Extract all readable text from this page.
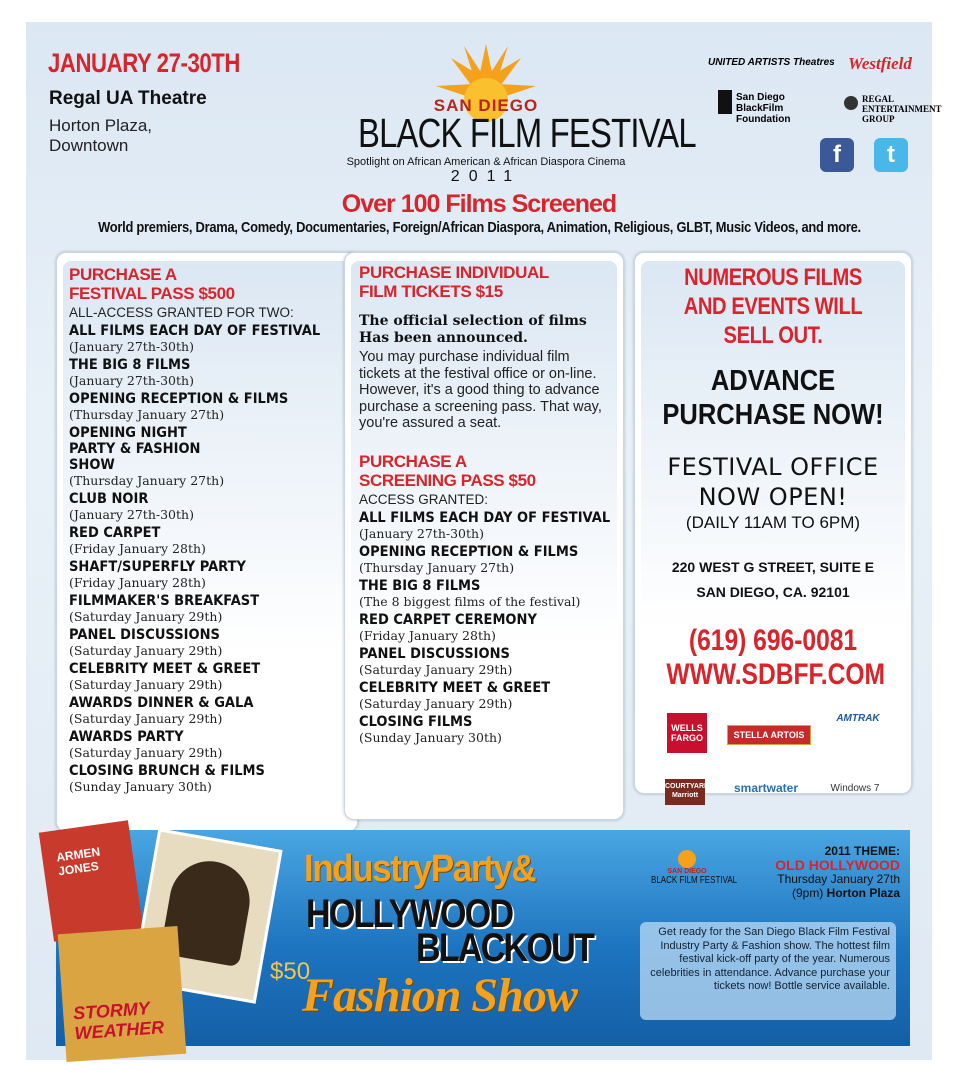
JANUARY 27-30TH
Regal UA Theatre
Horton Plaza, Downtown
SAN DIEGO
BLACK FILM FESTIVAL
Spotlight on African American & African Diaspora Cinema
2011
UNITED ARTISTS Theatres Westfield
San Diego BlackFilm Foundation
REGAL ENTERTAINMENT GROUP
f	t
Over 100 Films Screened
World premiers, Drama, Comedy, Documentaries, Foreign/African Diaspora, Animation, Religious, GLBT, Music Videos, and more.
PURCHASE A FESTIVAL PASS $500
ALL-ACCESS GRANTED FOR TWO:
ALL FILMS EACH DAY OF FESTIVAL
(January 27th-30th)
THE BIG 8 FILMS
(January 27th-30th)
OPENING RECEPTION & FILMS
(Thursday January 27th)
OPENING NIGHT PARTY & FASHION SHOW
(Thursday January 27th)
CLUB NOIR
(January 27th-30th)
RED CARPET
(Friday January 28th)
SHAFT/SUPERFLY PARTY
(Friday January 28th)
FILMMAKER'S BREAKFAST
(Saturday January 29th)
PANEL DISCUSSIONS
(Saturday January 29th)
CELEBRITY MEET & GREET
(Saturday January 29th)
AWARDS DINNER & GALA
(Saturday January 29th)
AWARDS PARTY
(Saturday January 29th)
CLOSING BRUNCH & FILMS
(Sunday January 30th)
PURCHASE INDIVIDUAL FILM TICKETS $15
The official selection of films Has been announced.
You may purchase individual film tickets at the festival office or on-line. However, it's a good thing to advance purchase a screening pass. That way, you're assured a seat.
PURCHASE A SCREENING PASS $50
ACCESS GRANTED:
ALL FILMS EACH DAY OF FESTIVAL
(January 27th-30th)
OPENING RECEPTION & FILMS
(Thursday January 27th)
THE BIG 8 FILMS
(The 8 biggest films of the festival)
RED CARPET CEREMONY
(Friday January 28th)
PANEL DISCUSSIONS
(Saturday January 29th)
CELEBRITY MEET & GREET
(Saturday January 29th)
CLOSING FILMS
(Sunday January 30th)
NUMEROUS FILMS AND EVENTS WILL SELL OUT.
ADVANCE PURCHASE NOW!
FESTIVAL OFFICE NOW OPEN!
(DAILY 11AM TO 6PM)
220 WEST G STREET, SUITE E
SAN DIEGO, CA. 92101
(619) 696-0081
WWW.SDBFF.COM
WELLS FARGO	STELLA ARTOIS
AMTRAK
COURTYARD Marriott
smartwater	Windows 7
ARMEN JONES
STORMY WEATHER
IndustryParty&
HOLLYWOOD
BLACKOUT
$50
Fashion Show
SAN DIEGO
BLACK FILM FESTIVAL
2011 THEME:
OLD HOLLYWOOD
Thursday January 27th
(9pm) Horton Plaza
Get ready for the San Diego Black Film Festival Industry Party & Fashion show. The hottest film festival kick-off party of the year. Numerous celebrities in attendance. Advance purchase your tickets now! Bottle service available.
